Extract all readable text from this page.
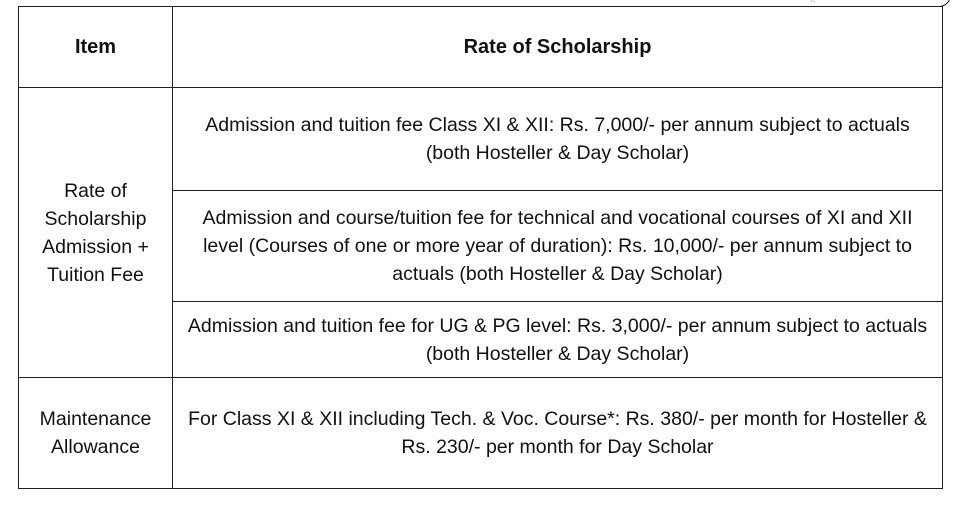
Item	Rate of Scholarship
Rate of Scholarship Admission + Tuition Fee	Admission and tuition fee Class XI & XII: Rs. 7,000/- per annum subject to actuals (both Hosteller & Day Scholar)
	Admission and course/tuition fee for technical and vocational courses of XI and XII level (Courses of one or more year of duration): Rs. 10,000/- per annum subject to actuals (both Hosteller & Day Scholar)
	Admission and tuition fee for UG & PG level: Rs. 3,000/- per annum subject to actuals (both Hosteller & Day Scholar)
Maintenance Allowance	For Class XI & XII including Tech. & Voc. Course*: Rs. 380/- per month for Hosteller & Rs. 230/- per month for Day Scholar
